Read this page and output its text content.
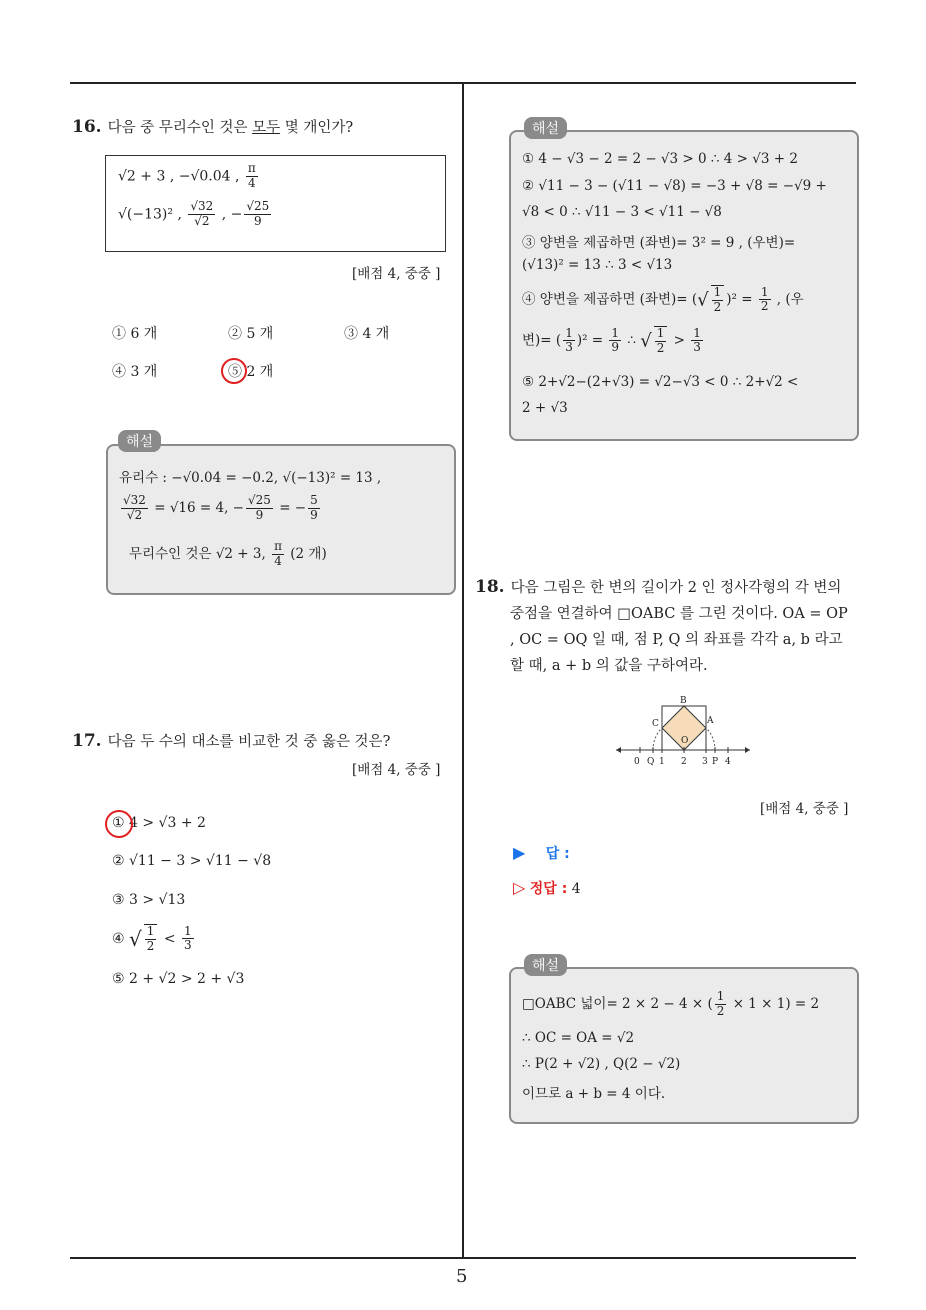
5
16. 다음 중 무리수인 것은 모두 몇 개인가?
√2 + 3 , −√0.04 , $\frac{\pi}{4}$
√(−13)² , $\frac{√32}{√2}$ , − $\frac{√25}{9}$
[배점 4, 중중 ]
① 6 개	② 5 개	③ 4 개
④ 3 개	⑤ 2 개
해설
유리수 : −√0.04 = −0.2, √(−13)² = 13 ,
$\frac{√32}{√2} = √16 = 4$, − $\frac{√25}{9}$ = − $\frac{5}{9}$
무리수인 것은 √2 + 3, $\frac{\pi}{4} (2$ 개)
17. 다음 두 수의 대소를 비교한 것 중 옳은 것은?
[배점 4, 중중 ]
① 4 > √3 + 2
② √11 − 3 > √11 − √8
③ 3 > √13
④ √ $\frac{1}{2} < \frac{1}{3}$
⑤ 2 + √2 > 2 + √3
해설
① 4 − √3 − 2 = 2 − √3 > 0 ∴ 4 > √3 + 2
② √11 − 3 − (√11 − √8) = −3 + √8 = −√9 +
√8 < 0 ∴ √11 − 3 < √11 − √8
③ 양변을 제곱하면 (좌변)= 3² = 9 , (우변)=
(√13)² = 13 ∴ 3 < √13
④ 양변을 제곱하면 (좌변)= (√ $\frac{1}{2} )^2 = \frac{1}{2}$ , (우
변)= ( $\frac{1}{3} )^2 = \frac{1}{9}$ ∴ √ $\frac{1}{2} > \frac{1}{3}$
⑤ 2+√2−(2+√3) = √2−√3 < 0 ∴ 2+√2 <
2 + √3
18. 다음 그림은 한 변의 길이가 2 인 정사각형의 각 변의
중점을 연결하여 □OABC 를 그린 것이다. OA = OP
, OC = OQ 일 때, 점 P, Q 의 좌표를 각각 a, b 라고
할 때, a + b 의 값을 구하여라.
B
C	A
O
0 Q 1 2 3 P 4
[배점 4, 중중 ]
▶ 답 :
▷ 정답 : 4
해설
□OABC 넓이= 2 × 2 − 4 × ( $\frac{1}{2} \times 1 \times 1) = 2$
∴ OC = OA = √2
∴ P(2 + √2) , Q(2 − √2)
이므로 a + b = 4 이다.
